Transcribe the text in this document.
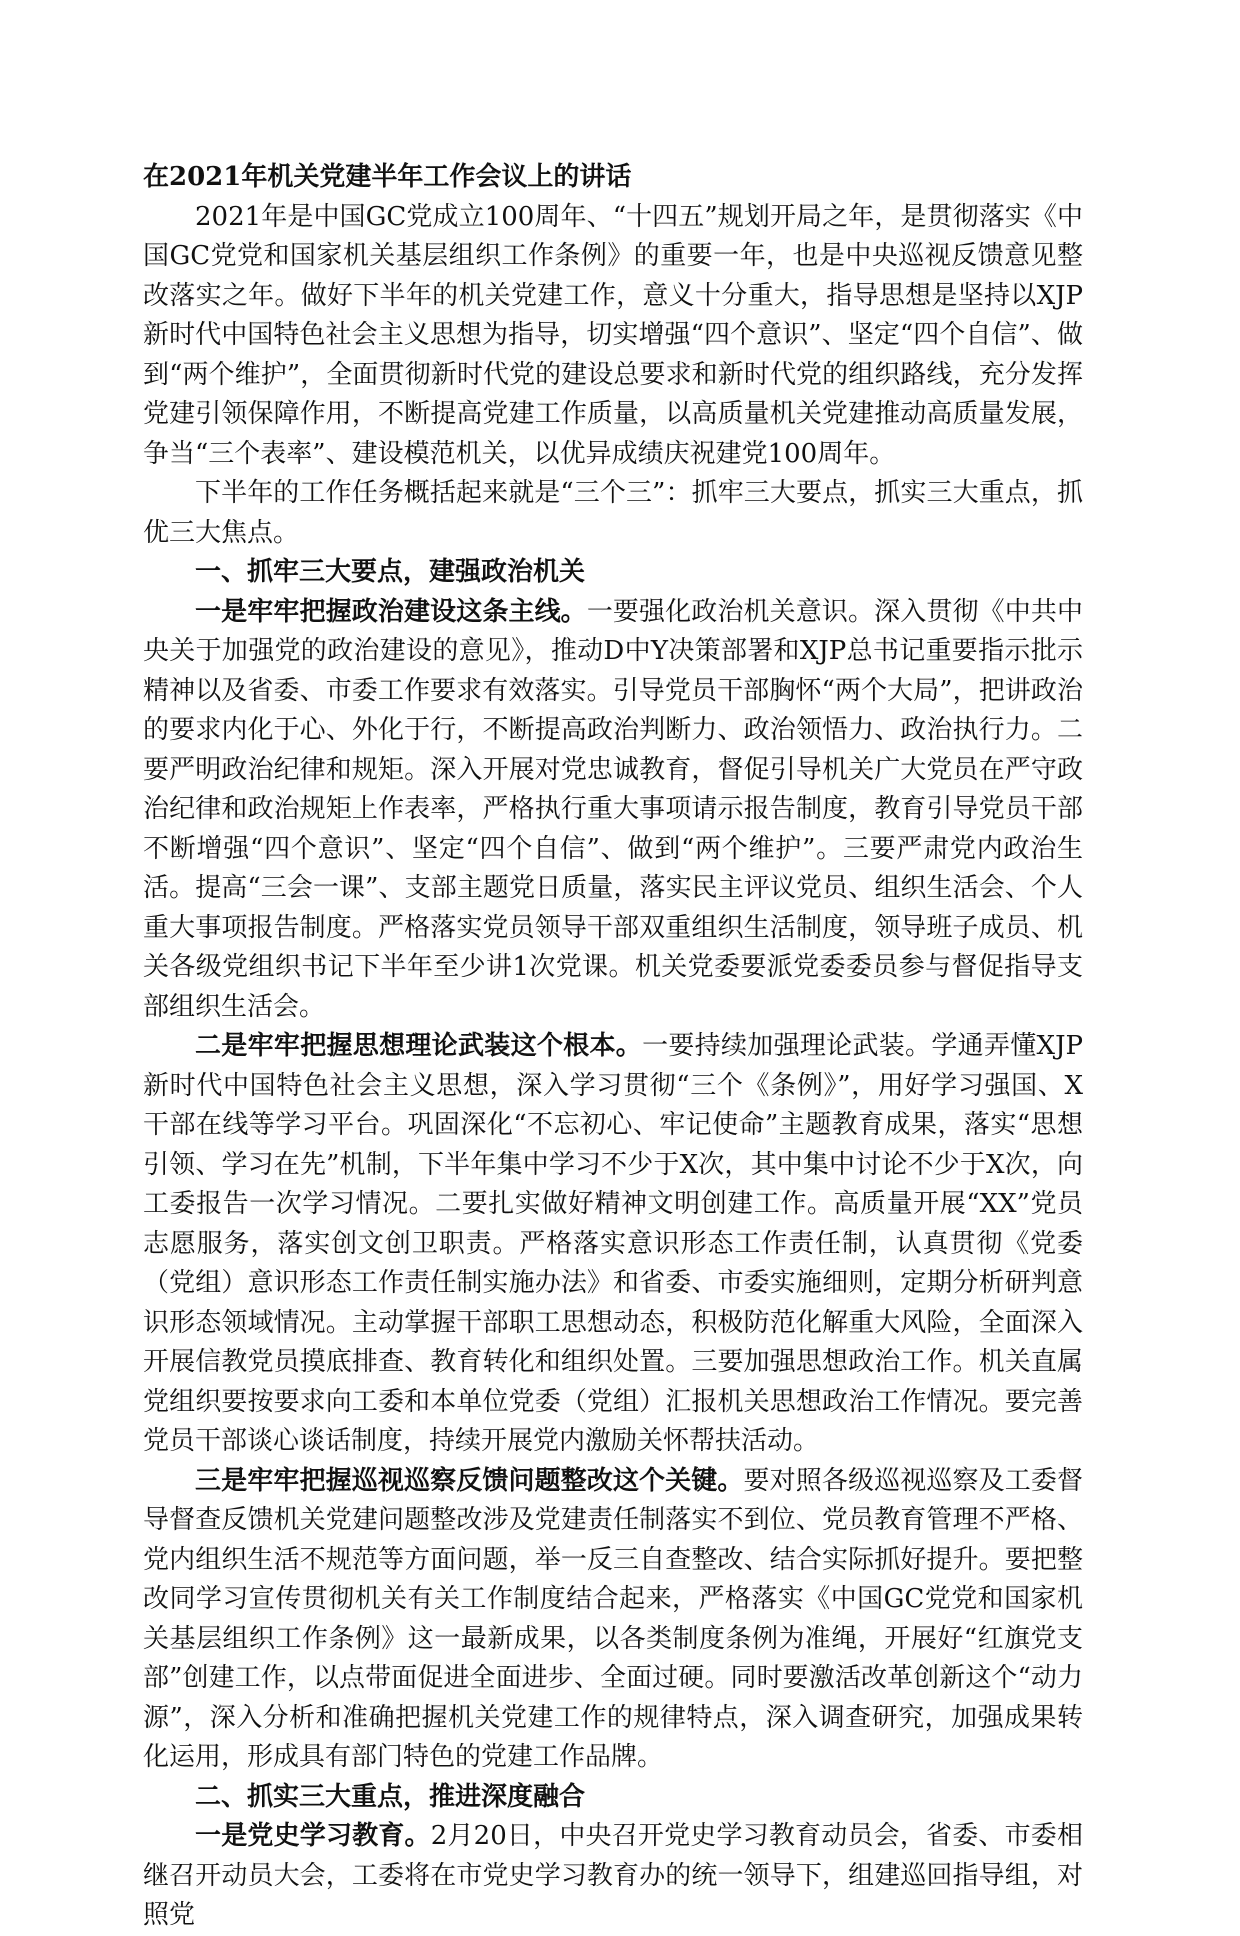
在2021年机关党建半年工作会议上的讲话

2021年是中国GC党成立100周年、“十四五”规划开局之年，是贯彻落实《中国GC党党和国家机关基层组织工作条例》的重要一年，也是中央巡视反馈意见整改落实之年。做好下半年的机关党建工作，意义十分重大，指导思想是坚持以XJP新时代中国特色社会主义思想为指导，切实增强“四个意识”、坚定“四个自信”、做到“两个维护”，全面贯彻新时代党的建设总要求和新时代党的组织路线，充分发挥党建引领保障作用，不断提高党建工作质量，以高质量机关党建推动高质量发展，争当“三个表率”、建设模范机关，以优异成绩庆祝建党100周年。

下半年的工作任务概括起来就是“三个三”：抓牢三大要点，抓实三大重点，抓优三大焦点。

一、抓牢三大要点，建强政治机关

一是牢牢把握政治建设这条主线。一要强化政治机关意识。深入贯彻《中共中央关于加强党的政治建设的意见》，推动D中Y决策部署和XJP总书记重要指示批示精神以及省委、市委工作要求有效落实。引导党员干部胸怀“两个大局”，把讲政治的要求内化于心、外化于行，不断提高政治判断力、政治领悟力、政治执行力。二要严明政治纪律和规矩。深入开展对党忠诚教育，督促引导机关广大党员在严守政治纪律和政治规矩上作表率，严格执行重大事项请示报告制度，教育引导党员干部不断增强“四个意识”、坚定“四个自信”、做到“两个维护”。三要严肃党内政治生活。提高“三会一课”、支部主题党日质量，落实民主评议党员、组织生活会、个人重大事项报告制度。严格落实党员领导干部双重组织生活制度，领导班子成员、机关各级党组织书记下半年至少讲1次党课。机关党委要派党委委员参与督促指导支部组织生活会。

二是牢牢把握思想理论武装这个根本。一要持续加强理论武装。学通弄懂XJP新时代中国特色社会主义思想，深入学习贯彻“三个《条例》”，用好学习强国、X干部在线等学习平台。巩固深化“不忘初心、牢记使命”主题教育成果，落实“思想引领、学习在先”机制，下半年集中学习不少于X次，其中集中讨论不少于X次，向工委报告一次学习情况。二要扎实做好精神文明创建工作。高质量开展“XX”党员志愿服务，落实创文创卫职责。严格落实意识形态工作责任制，认真贯彻《党委（党组）意识形态工作责任制实施办法》和省委、市委实施细则，定期分析研判意识形态领域情况。主动掌握干部职工思想动态，积极防范化解重大风险，全面深入开展信教党员摸底排查、教育转化和组织处置。三要加强思想政治工作。机关直属党组织要按要求向工委和本单位党委（党组）汇报机关思想政治工作情况。要完善党员干部谈心谈话制度，持续开展党内激励关怀帮扶活动。

三是牢牢把握巡视巡察反馈问题整改这个关键。要对照各级巡视巡察及工委督导督查反馈机关党建问题整改涉及党建责任制落实不到位、党员教育管理不严格、党内组织生活不规范等方面问题，举一反三自查整改、结合实际抓好提升。要把整改同学习宣传贯彻机关有关工作制度结合起来，严格落实《中国GC党党和国家机关基层组织工作条例》这一最新成果，以各类制度条例为准绳，开展好“红旗党支部”创建工作，以点带面促进全面进步、全面过硬。同时要激活改革创新这个“动力源”，深入分析和准确把握机关党建工作的规律特点，深入调查研究，加强成果转化运用，形成具有部门特色的党建工作品牌。

二、抓实三大重点，推进深度融合

一是党史学习教育。2月20日，中央召开党史学习教育动员会，省委、市委相继召开动员大会，工委将在市党史学习教育办的统一领导下，组建巡回指导组，对照党
